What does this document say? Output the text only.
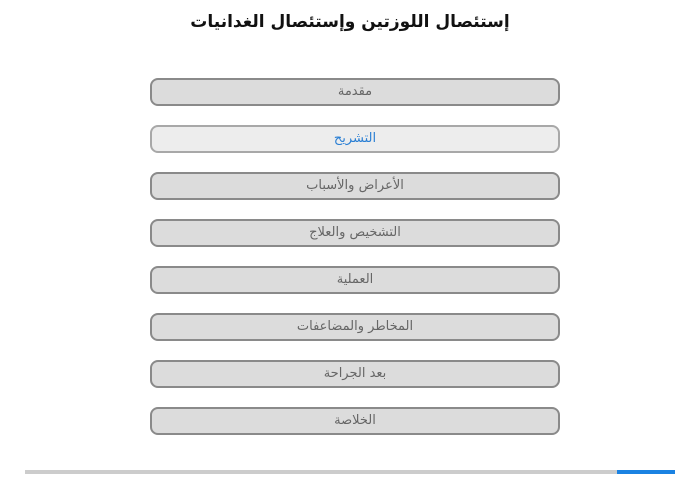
إستئصال اللوزتين وإستئصال الغدانيات
مقدمة
التشريح
الأعراض والأسباب
التشخيص والعلاج
العملية
المخاطر والمضاعفات
بعد الجراحة
الخلاصة
